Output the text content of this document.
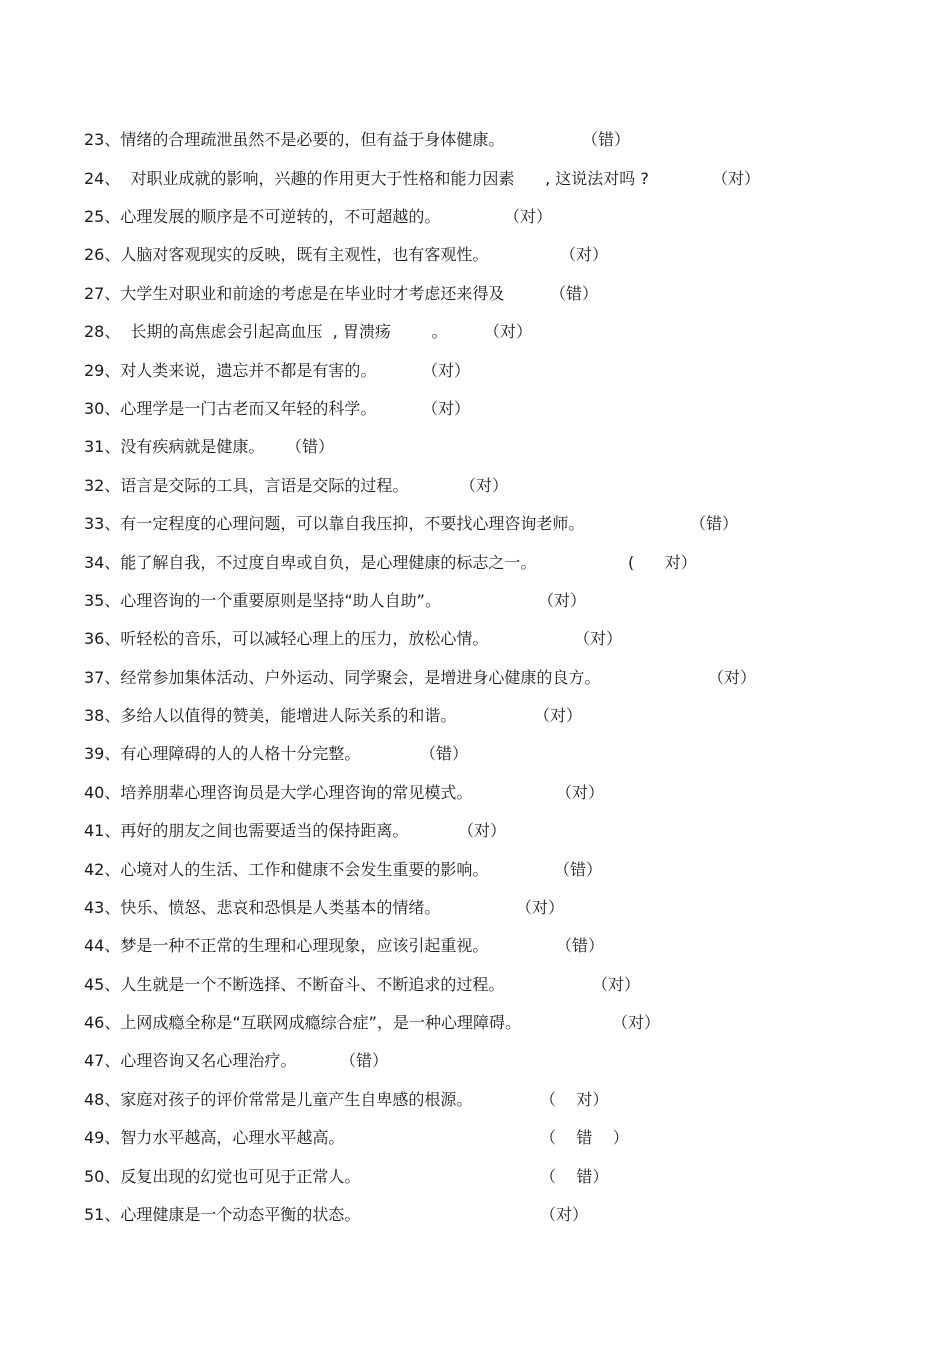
23、情绪的合理疏泄虽然不是必要的，但有益于身体健康。	（错）
24、  对职业成就的影响，兴趣的作用更大于性格和能力因素      , 这说法对吗 ?	（对）
25、心理发展的顺序是不可逆转的，不可超越的。	（对）
26、人脑对客观现实的反映，既有主观性，也有客观性。	（对）
27、大学生对职业和前途的考虑是在毕业时才考虑还来得及	（错）
28、  长期的高焦虑会引起高血压  , 胃溃疡        。 （对）
29、对人类来说，遗忘并不都是有害的。	（对）
30、心理学是一门古老而又年轻的科学。	（对）
31、没有疾病就是健康。 （错）
32、语言是交际的工具，言语是交际的过程。	（对）
33、有一定程度的心理问题，可以靠自我压抑，不要找心理咨询老师。	（错）
34、能了解自我，不过度自卑或自负，是心理健康的标志之一。	(      对）
35、心理咨询的一个重要原则是坚持“助人自助”。	（对）
36、听轻松的音乐，可以减轻心理上的压力，放松心情。	（对）
37、经常参加集体活动、户外运动、同学聚会，是增进身心健康的良方。	（对）
38、多给人以值得的赞美，能增进人际关系的和谐。	（对）
39、有心理障碍的人的人格十分完整。	（错）
40、培养朋辈心理咨询员是大学心理咨询的常见模式。	（对）
41、再好的朋友之间也需要适当的保持距离。	（对）
42、心境对人的生活、工作和健康不会发生重要的影响。	（错）
43、快乐、愤怒、悲哀和恐惧是人类基本的情绪。	（对）
44、梦是一种不正常的生理和心理现象，应该引起重视。	（错）
45、人生就是一个不断选择、不断奋斗、不断追求的过程。	（对）
46、上网成瘾全称是“互联网成瘾综合症”，是一种心理障碍。	（对）
47、心理咨询又名心理治疗。	（错）
48、家庭对孩子的评价常常是儿童产生自卑感的根源。	（    对）
49、智力水平越高，心理水平越高。	（    错    ）
50、反复出现的幻觉也可见于正常人。	（    错）
51、心理健康是一个动态平衡的状态。	（对）
